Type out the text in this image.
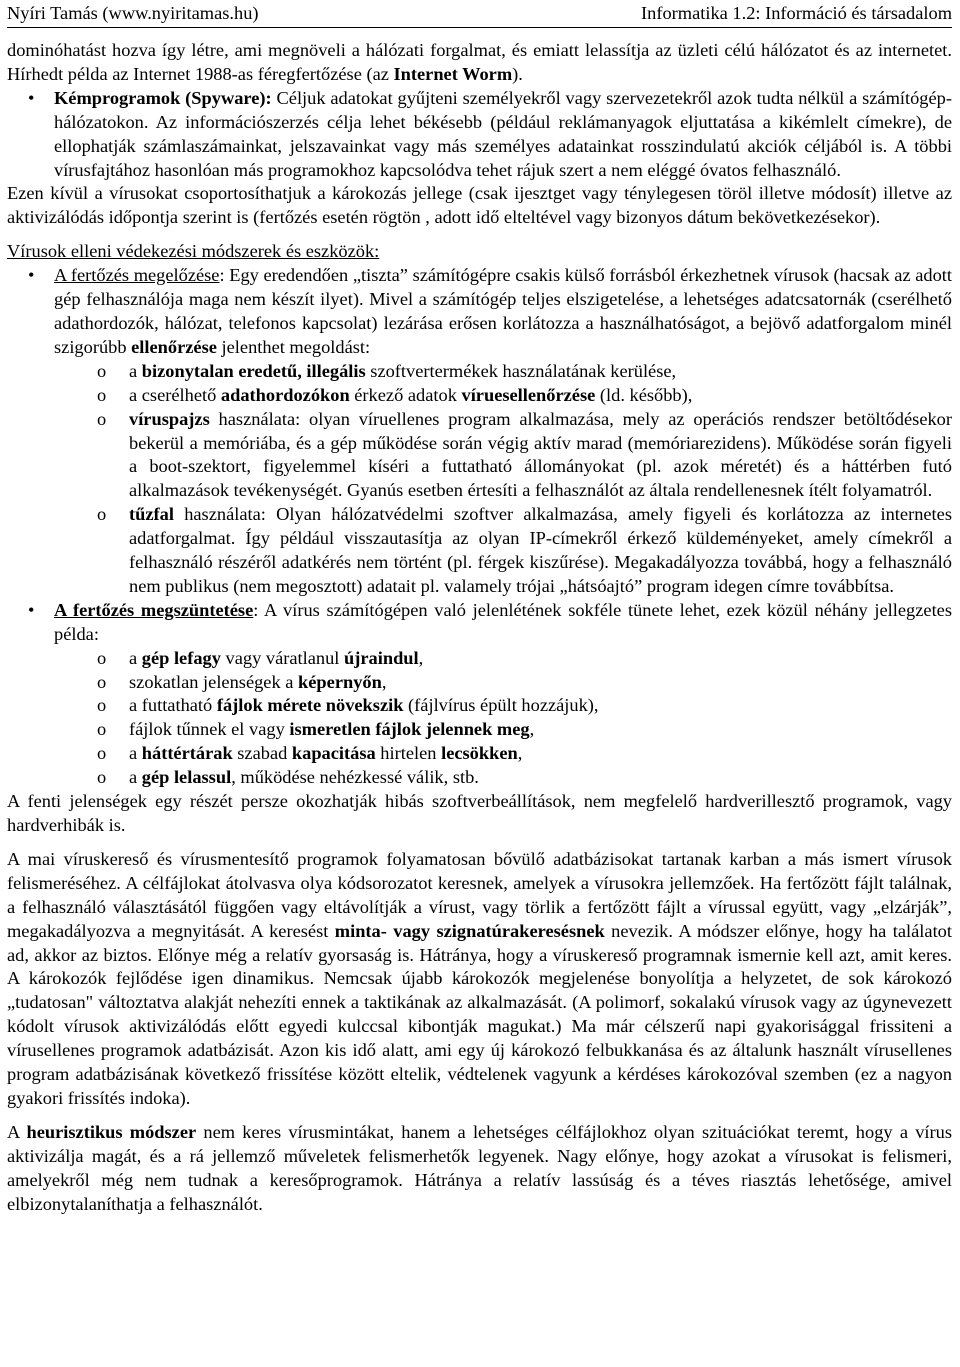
Nyíri Tamás (www.nyiritamas.hu)	Informatika 1.2: Információ és társadalom
dominóhatást hozva így létre, ami megnöveli a hálózati forgalmat, és emiatt lelassítja az üzleti célú hálózatot és az internetet. Hírhedt példa az Internet 1988-as féregfertőzése (az Internet Worm).
• Kémprogramok (Spyware): Céljuk adatokat gyűjteni személyekről vagy szervezetekről azok tudta nélkül a számítógép-hálózatokon. Az információszerzés célja lehet békésebb (például reklámanyagok eljuttatása a kikémlelt címekre), de ellophatják számlaszámainkat, jelszavainkat vagy más személyes adatainkat rosszindulatú akciók céljából is. A többi vírusfajtához hasonlóan más programokhoz kapcsolódva tehet rájuk szert a nem eléggé óvatos felhasználó.
Ezen kívül a vírusokat csoportosíthatjuk a károkozás jellege (csak ijesztget vagy ténylegesen töröl illetve módosít) illetve az aktivizálódás időpontja szerint is (fertőzés esetén rögtön , adott idő elteltével vagy bizonyos dátum bekövetkezésekor).
Vírusok elleni védekezési módszerek és eszközök:
• A fertőzés megelőzése: Egy eredendően „tiszta” számítógépre csakis külső forrásból érkezhetnek vírusok (hacsak az adott gép felhasználója maga nem készít ilyet). Mivel a számítógép teljes elszigetelése, a lehetséges adatcsatornák (cserélhető adathordozók, hálózat, telefonos kapcsolat) lezárása erősen korlátozza a használhatóságot, a bejövő adatforgalom minél szigorúbb ellenőrzése jelenthet megoldást:
o a bizonytalan eredetű, illegális szoftvertermékek használatának kerülése,
o a cserélhető adathordozókon érkező adatok víruesellenőrzése (ld. később),
o víruspajzs használata: olyan víruellenes program alkalmazása, mely az operációs rendszer betöltődésekor bekerül a memóriába, és a gép működése során végig aktív marad (memóriarezidens). Működése során figyeli a boot-szektort, figyelemmel kíséri a futtatható állományokat (pl. azok méretét) és a háttérben futó alkalmazások tevékenységét. Gyanús esetben értesíti a felhasználót az általa rendellenesnek ítélt folyamatról.
o tűzfal használata: Olyan hálózatvédelmi szoftver alkalmazása, amely figyeli és korlátozza az internetes adatforgalmat. Így például visszautasítja az olyan IP-címekről érkező küldeményeket, amely címekről a felhasználó részéről adatkérés nem történt (pl. férgek kiszűrése). Megakadályozza továbbá, hogy a felhasználó nem publikus (nem megosztott) adatait pl. valamely trójai „hátsóajtó” program idegen címre továbbítsa.
• A fertőzés megszüntetése: A vírus számítógépen való jelenlétének sokféle tünete lehet, ezek közül néhány jellegzetes példa:
o a gép lefagy vagy váratlanul újraindul,
o szokatlan jelenségek a képernyőn,
o a futtatható fájlok mérete növekszik (fájlvírus épült hozzájuk),
o fájlok tűnnek el vagy ismeretlen fájlok jelennek meg,
o a háttértárak szabad kapacitása hirtelen lecsökken,
o a gép lelassul, működése nehézkessé válik, stb.
A fenti jelenségek egy részét persze okozhatják hibás szoftverbeállítások, nem megfelelő hardverillesztő programok, vagy hardverhibák is.
A mai víruskereső és vírusmentesítő programok folyamatosan bővülő adatbázisokat tartanak karban a más ismert vírusok felismeréséhez. A célfájlokat átolvasva olya kódsorozatot keresnek, amelyek a vírusokra jellemzőek. Ha fertőzött fájlt találnak, a felhasználó választásától függően vagy eltávolítják a vírust, vagy törlik a fertőzött fájlt a vírussal együtt, vagy „elzárják”, megakadályozva a megnyitását. A keresést minta- vagy szignatúrakeresésnek nevezik. A módszer előnye, hogy ha találatot ad, akkor az biztos. Előnye még a relatív gyorsaság is. Hátránya, hogy a víruskereső programnak ismernie kell azt, amit keres. A károkozók fejlődése igen dinamikus. Nemcsak újabb károkozók megjelenése bonyolítja a helyzetet, de sok károkozó „tudatosan" változtatva alakját nehezíti ennek a taktikának az alkalmazását. (A polimorf, sokalakú vírusok vagy az úgynevezett kódolt vírusok aktivizálódás előtt egyedi kulccsal kibontják magukat.) Ma már célszerű napi gyakorisággal frissiteni a vírusellenes programok adatbázisát. Azon kis idő alatt, ami egy új károkozó felbukkanása és az általunk használt vírusellenes program adatbázisának következő frissítése között eltelik, védtelenek vagyunk a kérdéses károkozóval szemben (ez a nagyon gyakori frissítés indoka).
A heurisztikus módszer nem keres vírusmintákat, hanem a lehetséges célfájlokhoz olyan szituációkat teremt, hogy a vírus aktivizálja magát, és a rá jellemző műveletek felismerhetők legyenek. Nagy előnye, hogy azokat a vírusokat is felismeri, amelyekről még nem tudnak a keresőprogramok. Hátránya a relatív lassúság és a téves riasztás lehetősége, amivel elbizonytalaníthatja a felhasználót.
